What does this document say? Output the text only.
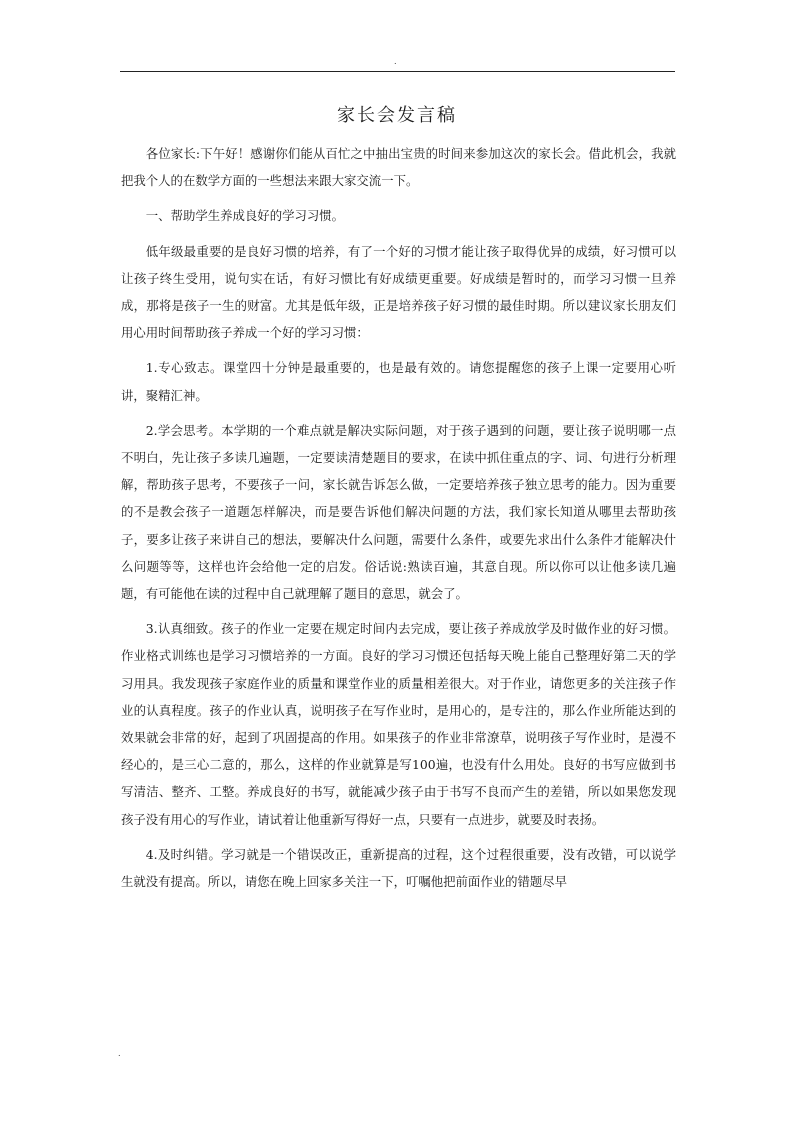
.
家长会发言稿

各位家长:下午好！感谢你们能从百忙之中抽出宝贵的时间来参加这次的家长会。借此机会，我就把我个人的在数学方面的一些想法来跟大家交流一下。

一、帮助学生养成良好的学习习惯。

低年级最重要的是良好习惯的培养，有了一个好的习惯才能让孩子取得优异的成绩，好习惯可以让孩子终生受用，说句实在话，有好习惯比有好成绩更重要。好成绩是暂时的，而学习习惯一旦养成，那将是孩子一生的财富。尤其是低年级，正是培养孩子好习惯的最佳时期。所以建议家长朋友们用心用时间帮助孩子养成一个好的学习习惯：

1.专心致志。课堂四十分钟是最重要的，也是最有效的。请您提醒您的孩子上课一定要用心听讲，聚精汇神。

2.学会思考。本学期的一个难点就是解决实际问题，对于孩子遇到的问题，要让孩子说明哪一点不明白，先让孩子多读几遍题，一定要读清楚题目的要求，在读中抓住重点的字、词、句进行分析理解，帮助孩子思考，不要孩子一问，家长就告诉怎么做，一定要培养孩子独立思考的能力。因为重要的不是教会孩子一道题怎样解决，而是要告诉他们解决问题的方法，我们家长知道从哪里去帮助孩子，要多让孩子来讲自己的想法，要解决什么问题，需要什么条件，或要先求出什么条件才能解决什么问题等等，这样也许会给他一定的启发。俗话说:熟读百遍，其意自现。所以你可以让他多读几遍题，有可能他在读的过程中自己就理解了题目的意思，就会了。

3.认真细致。孩子的作业一定要在规定时间内去完成，要让孩子养成放学及时做作业的好习惯。作业格式训练也是学习习惯培养的一方面。良好的学习习惯还包括每天晚上能自己整理好第二天的学习用具。我发现孩子家庭作业的质量和课堂作业的质量相差很大。对于作业，请您更多的关注孩子作业的认真程度。孩子的作业认真，说明孩子在写作业时，是用心的，是专注的，那么作业所能达到的效果就会非常的好，起到了巩固提高的作用。如果孩子的作业非常潦草，说明孩子写作业时，是漫不经心的，是三心二意的，那么，这样的作业就算是写100遍，也没有什么用处。良好的书写应做到书写清洁、整齐、工整。养成良好的书写，就能减少孩子由于书写不良而产生的差错，所以如果您发现孩子没有用心的写作业，请试着让他重新写得好一点，只要有一点进步，就要及时表扬。

4.及时纠错。学习就是一个错误改正，重新提高的过程，这个过程很重要，没有改错，可以说学生就没有提高。所以，请您在晚上回家多关注一下，叮嘱他把前面作业的错题尽早

.
